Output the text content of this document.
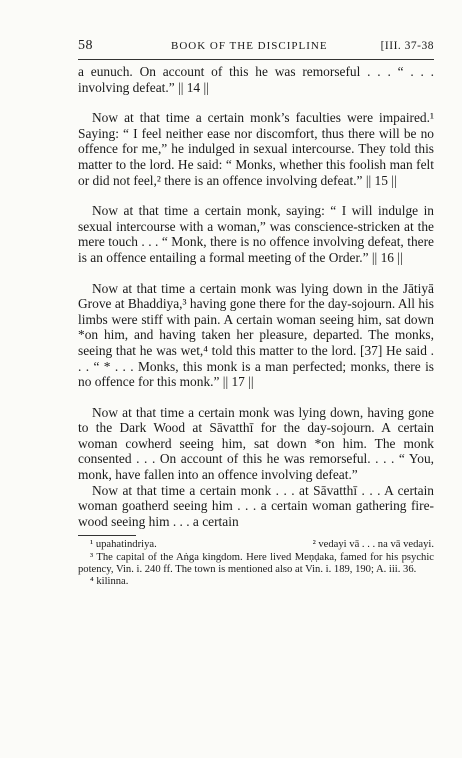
58	BOOK OF THE DISCIPLINE	[III. 37-38

a eunuch. On account of this he was remorseful . . . “ . . . involving defeat.” || 14 ||

Now at that time a certain monk’s faculties were impaired.¹ Saying: “ I feel neither ease nor discomfort, thus there will be no offence for me,” he indulged in sexual intercourse. They told this matter to the lord. He said: “ Monks, whether this foolish man felt or did not feel,² there is an offence involving defeat.” || 15 ||

Now at that time a certain monk, saying: “ I will indulge in sexual intercourse with a woman,” was conscience-stricken at the mere touch . . . “ Monk, there is no offence involving defeat, there is an offence entailing a formal meeting of the Order.” || 16 ||

Now at that time a certain monk was lying down in the Jātiyā Grove at Bhaddiya,³ having gone there for the day-sojourn. All his limbs were stiff with pain. A certain woman seeing him, sat down *on him, and having taken her pleasure, departed. The monks, seeing that he was wet,⁴ told this matter to the lord. [37] He said . . . “ * . . . Monks, this monk is a man perfected; monks, there is no offence for this monk.” || 17 ||

Now at that time a certain monk was lying down, having gone to the Dark Wood at Sāvatthī for the day-sojourn. A certain woman cowherd seeing him, sat down *on him. The monk consented . . . On account of this he was remorseful. . . . “ You, monk, have fallen into an offence involving defeat.”

Now at that time a certain monk . . . at Sāvatthī . . . A certain woman goatherd seeing him . . . a certain woman gathering fire-wood seeing him . . . a certain

¹ upahatindriya.	² vedayi vā . . . na vā vedayi.

³ The capital of the Aṅga kingdom. Here lived Meṇḍaka, famed for his psychic potency, Vin. i. 240 ff. The town is mentioned also at Vin. i. 189, 190; A. iii. 36.

⁴ kilinna.
